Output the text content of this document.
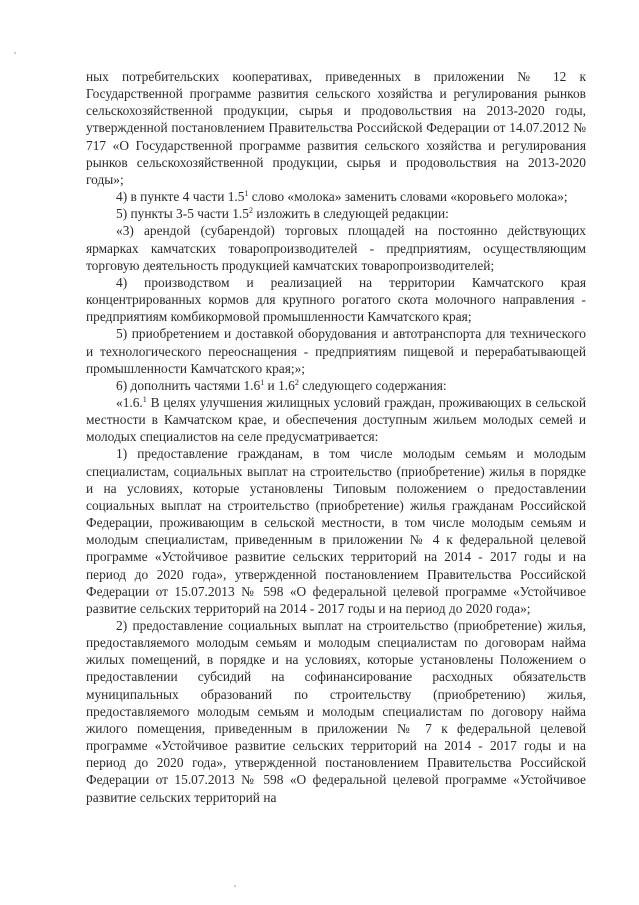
ных потребительских кооперативах, приведенных в приложении № 12 к Государственной программе развития сельского хозяйства и регулирования рынков сельскохозяйственной продукции, сырья и продовольствия на 2013-2020 годы, утвержденной постановлением Правительства Российской Федерации от 14.07.2012 № 717 «О Государственной программе развития сельского хозяйства и регулирования рынков сельскохозяйственной продукции, сырья и продовольствия на 2013-2020 годы»;

4) в пункте 4 части $1.5^1$ слово «молока» заменить словами «коровьего молока»;

5) пункты 3-5 части $1.5^2$ изложить в следующей редакции:

«3) арендой (субарендой) торговых площадей на постоянно действующих ярмарках камчатских товаропроизводителей - предприятиям, осуществляющим торговую деятельность продукцией камчатских товаропроизводителей;

4) производством и реализацией на территории Камчатского края концентрированных кормов для крупного рогатого скота молочного направления - предприятиям комбикормовой промышленности Камчатского края;

5) приобретением и доставкой оборудования и автотранспорта для технического и технологического переоснащения - предприятиям пищевой и перерабатывающей промышленности Камчатского края;»;

6) дополнить частями $1.6^1$ и $1.6^2$ следующего содержания:

«1.6.$^1$ В целях улучшения жилищных условий граждан, проживающих в сельской местности в Камчатском крае, и обеспечения доступным жильем молодых семей и молодых специалистов на селе предусматривается:

1) предоставление гражданам, в том числе молодым семьям и молодым специалистам, социальных выплат на строительство (приобретение) жилья в порядке и на условиях, которые установлены Типовым положением о предоставлении социальных выплат на строительство (приобретение) жилья гражданам Российской Федерации, проживающим в сельской местности, в том числе молодым семьям и молодым специалистам, приведенным в приложении № 4 к федеральной целевой программе «Устойчивое развитие сельских территорий на 2014 - 2017 годы и на период до 2020 года», утвержденной постановлением Правительства Российской Федерации от 15.07.2013 № 598 «О федеральной целевой программе «Устойчивое развитие сельских территорий на 2014 - 2017 годы и на период до 2020 года»;

2) предоставление социальных выплат на строительство (приобретение) жилья, предоставляемого молодым семьям и молодым специалистам по договорам найма жилых помещений, в порядке и на условиях, которые установлены Положением о предоставлении субсидий на софинансирование расходных обязательств муниципальных образований по строительству (приобретению) жилья, предоставляемого молодым семьям и молодым специалистам по договору найма жилого помещения, приведенным в приложении № 7 к федеральной целевой программе «Устойчивое развитие сельских территорий на 2014 - 2017 годы и на период до 2020 года», утвержденной постановлением Правительства Российской Федерации от 15.07.2013 № 598 «О федеральной целевой программе «Устойчивое развитие сельских территорий на
